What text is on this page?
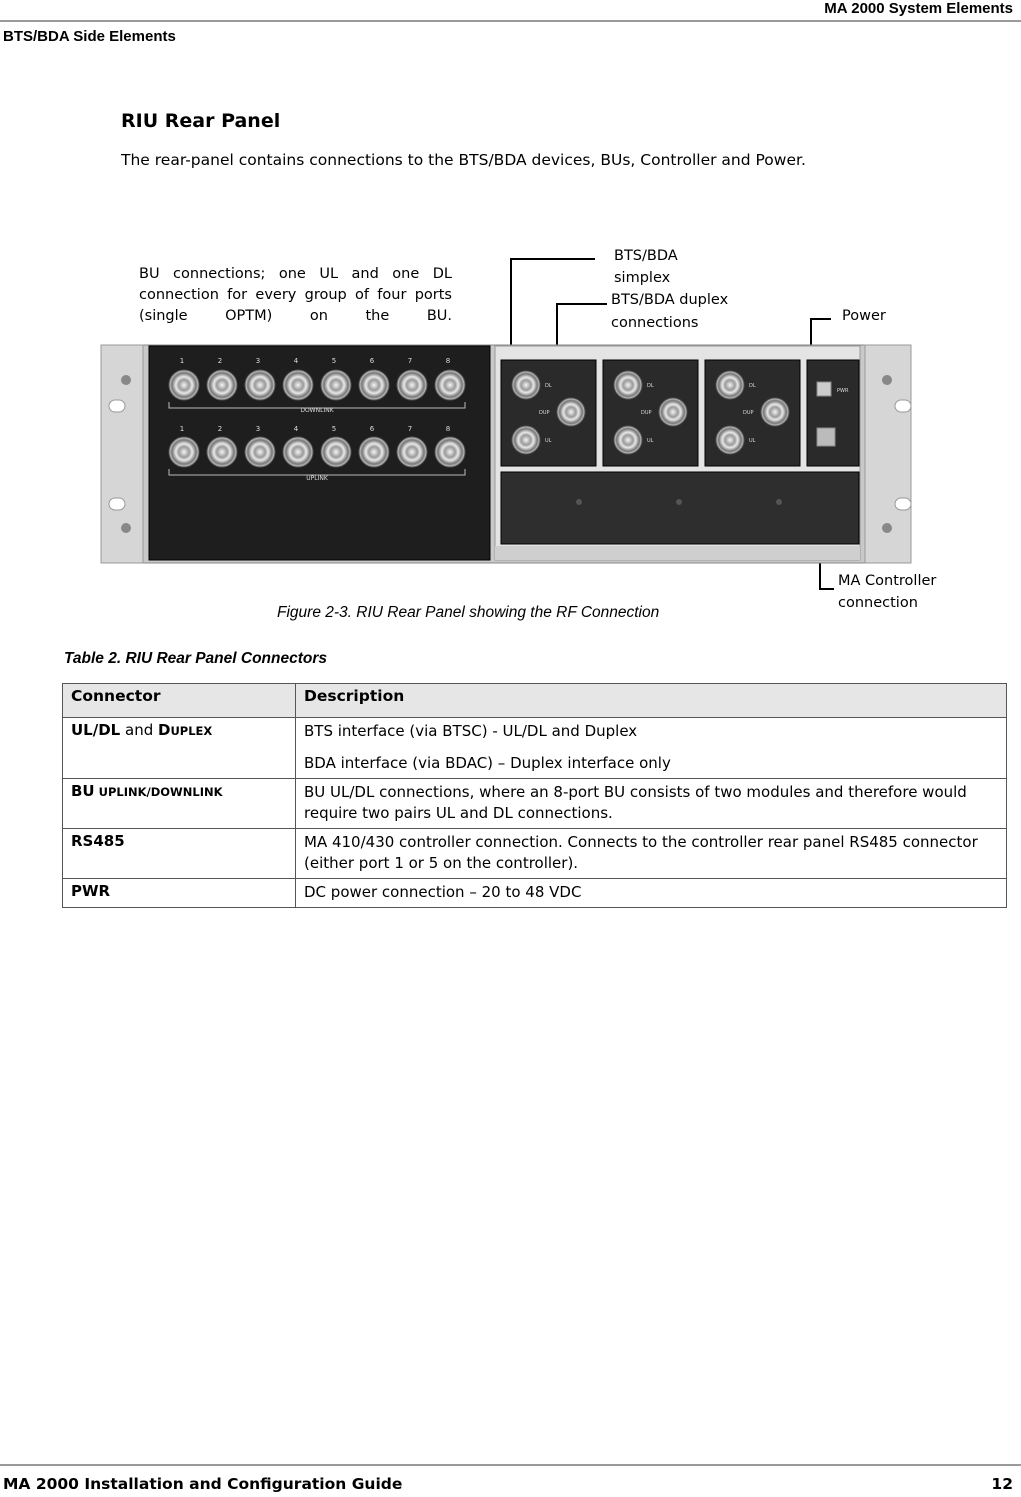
MA 2000 System Elements
BTS/BDA Side Elements
RIU Rear Panel
The rear-panel contains connections to the BTS/BDA devices, BUs, Controller and Power.
BU connections; one UL and one DL connection for every group of four ports (single OPTM) on the BU.
BTS/BDA
simplex
BTS/BDA duplex
connections	Power
MA Controller
connection
1	2	3	4	5	6	7	8
DOWNLINK
1	2	3	4	5	6	7	8
UPLINK
DL
DUP
UL
DL
DUP
UL
DL
DUP
UL
PWR
Figure 2-3. RIU Rear Panel showing the RF Connection
Table 2. RIU Rear Panel Connectors
Connector	Description
UL/DL and DUPLEX	BTS interface (via BTSC) - UL/DL and Duplex

BDA interface (via BDAC) – Duplex interface only

BU UPLINK/DOWNLINK	BU UL/DL connections, where an 8-port BU consists of two modules and therefore would require two pairs UL and DL connections.

RS485	MA 410/430 controller connection. Connects to the controller rear panel RS485 connector (either port 1 or 5 on the controller).

PWR	DC power connection – 20 to 48 VDC

MA 2000 Installation and Configuration Guide	12
